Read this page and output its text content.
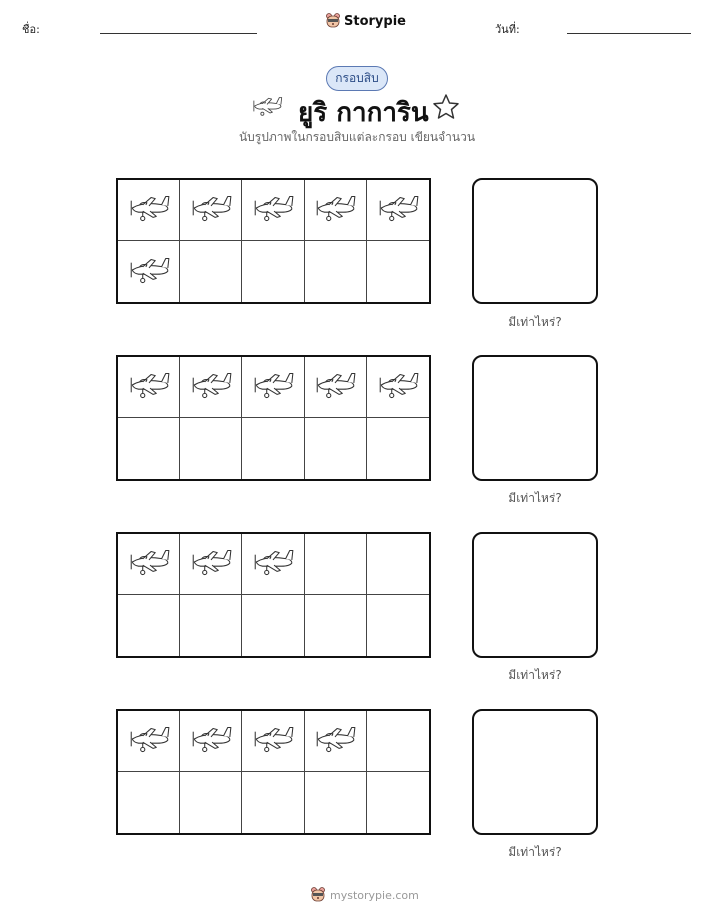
ชื่อ:
Storypie
วันที่:
กรอบสิบ
ยูริ กาการิน
นับรูปภาพในกรอบสิบแต่ละกรอบ เขียนจำนวน
มีเท่าไหร่?
มีเท่าไหร่?
มีเท่าไหร่?
มีเท่าไหร่?
mystorypie.com
